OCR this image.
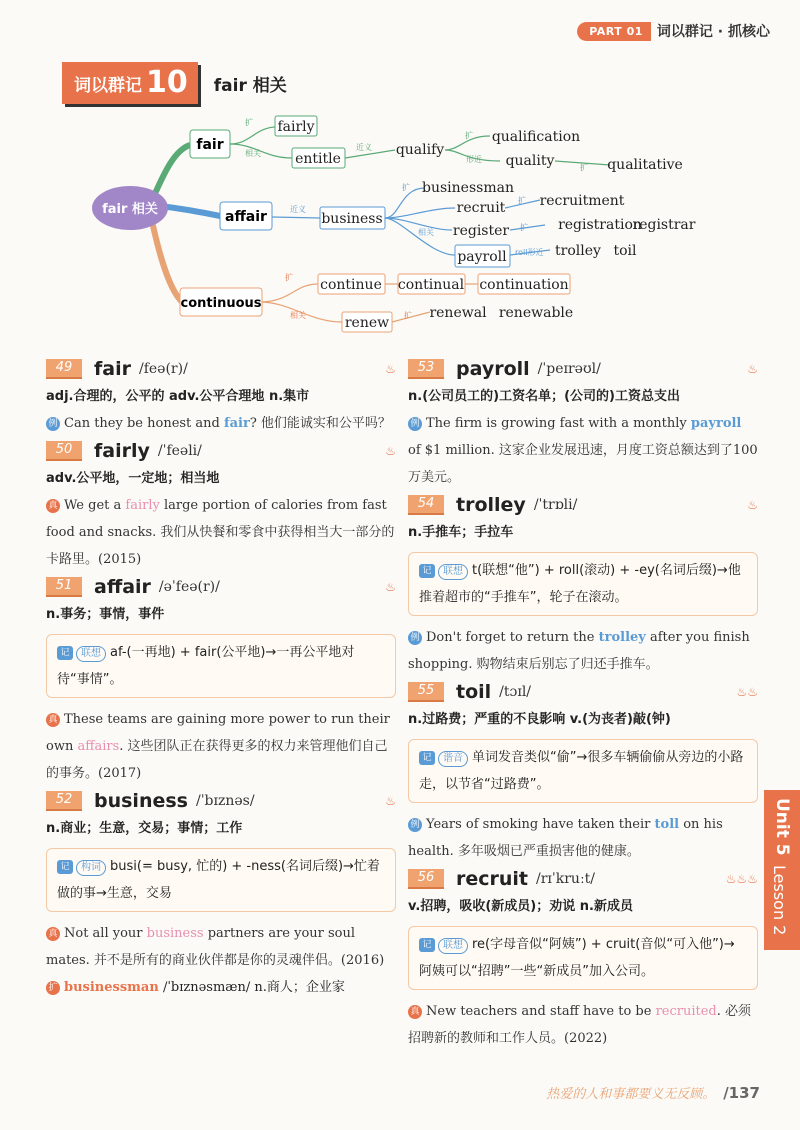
PART 01	词以群记 · 抓核心
词以群记 10 fair 相关
fair 相关
fair
affair
continuous
扩
相关
近义
扩
形近
扩
近义
扩
相关
扩
扩
roll形近
扩
相关	扩
fairly
entitle
qualify
qualification
quality	qualitative
businessman
business
recruit recruitment
register	registration
registrar
payroll	trolley toil
continue continual continuation
renew
renewal renewable
49	fair /feə(r)/	♨
adj.合理的，公平的 adv.公平合理地 n.集市
例 Can they be honest and fair? 他们能诚实和公平吗？
50	fairly /ˈfeəli/	♨
adv.公平地，一定地；相当地
真 We get a fairly large portion of calories from fast food and snacks. 我们从快餐和零食中获得相当大一部分的卡路里。(2015)
51	affair /əˈfeə(r)/	♨
n.事务；事情，事件
记 联想 af-(一再地) + fair(公平地)→一再公平地对待“事情”。
真 These teams are gaining more power to run their own affairs. 这些团队正在获得更多的权力来管理他们自己的事务。(2017)
52	business /ˈbɪznəs/	♨
n.商业；生意，交易；事情；工作
记 构词 busi(= busy, 忙的) + -ness(名词后缀)→忙着做的事→生意，交易
真 Not all your business partners are your soul mates. 并不是所有的商业伙伴都是你的灵魂伴侣。(2016)
扩 businessman /ˈbɪznəsmæn/ n.商人；企业家
53	payroll /ˈpeɪrəʊl/	♨
n.(公司员工的)工资名单；(公司的)工资总支出
例 The firm is growing fast with a monthly payroll of $1 million. 这家企业发展迅速，月度工资总额达到了100万美元。
54	trolley /ˈtrɒli/	♨
n.手推车；手拉车
记 联想 t(联想“他”) + roll(滚动) + -ey(名词后缀)→他推着超市的“手推车”，轮子在滚动。
例 Don't forget to return the trolley after you finish shopping. 购物结束后别忘了归还手推车。
55	toil /tɔɪl/	♨♨
n.过路费；严重的不良影响 v.(为丧者)敲(钟)
记 谐音 单词发音类似“偷”→很多车辆偷偷从旁边的小路走，以节省“过路费”。
例 Years of smoking have taken their toll on his health. 多年吸烟已严重损害他的健康。
56	recruit /rɪˈkruːt/	♨♨♨
v.招聘，吸收(新成员)；劝说 n.新成员
记 联想 re(字母音似“阿姨”) + cruit(音似“可入他”)→阿姨可以“招聘”一些“新成员”加入公司。
真 New teachers and staff have to be recruited. 必须招聘新的教师和工作人员。(2022)
Unit 5
Lesson 2
热爱的人和事都要义无反顾。 /137
